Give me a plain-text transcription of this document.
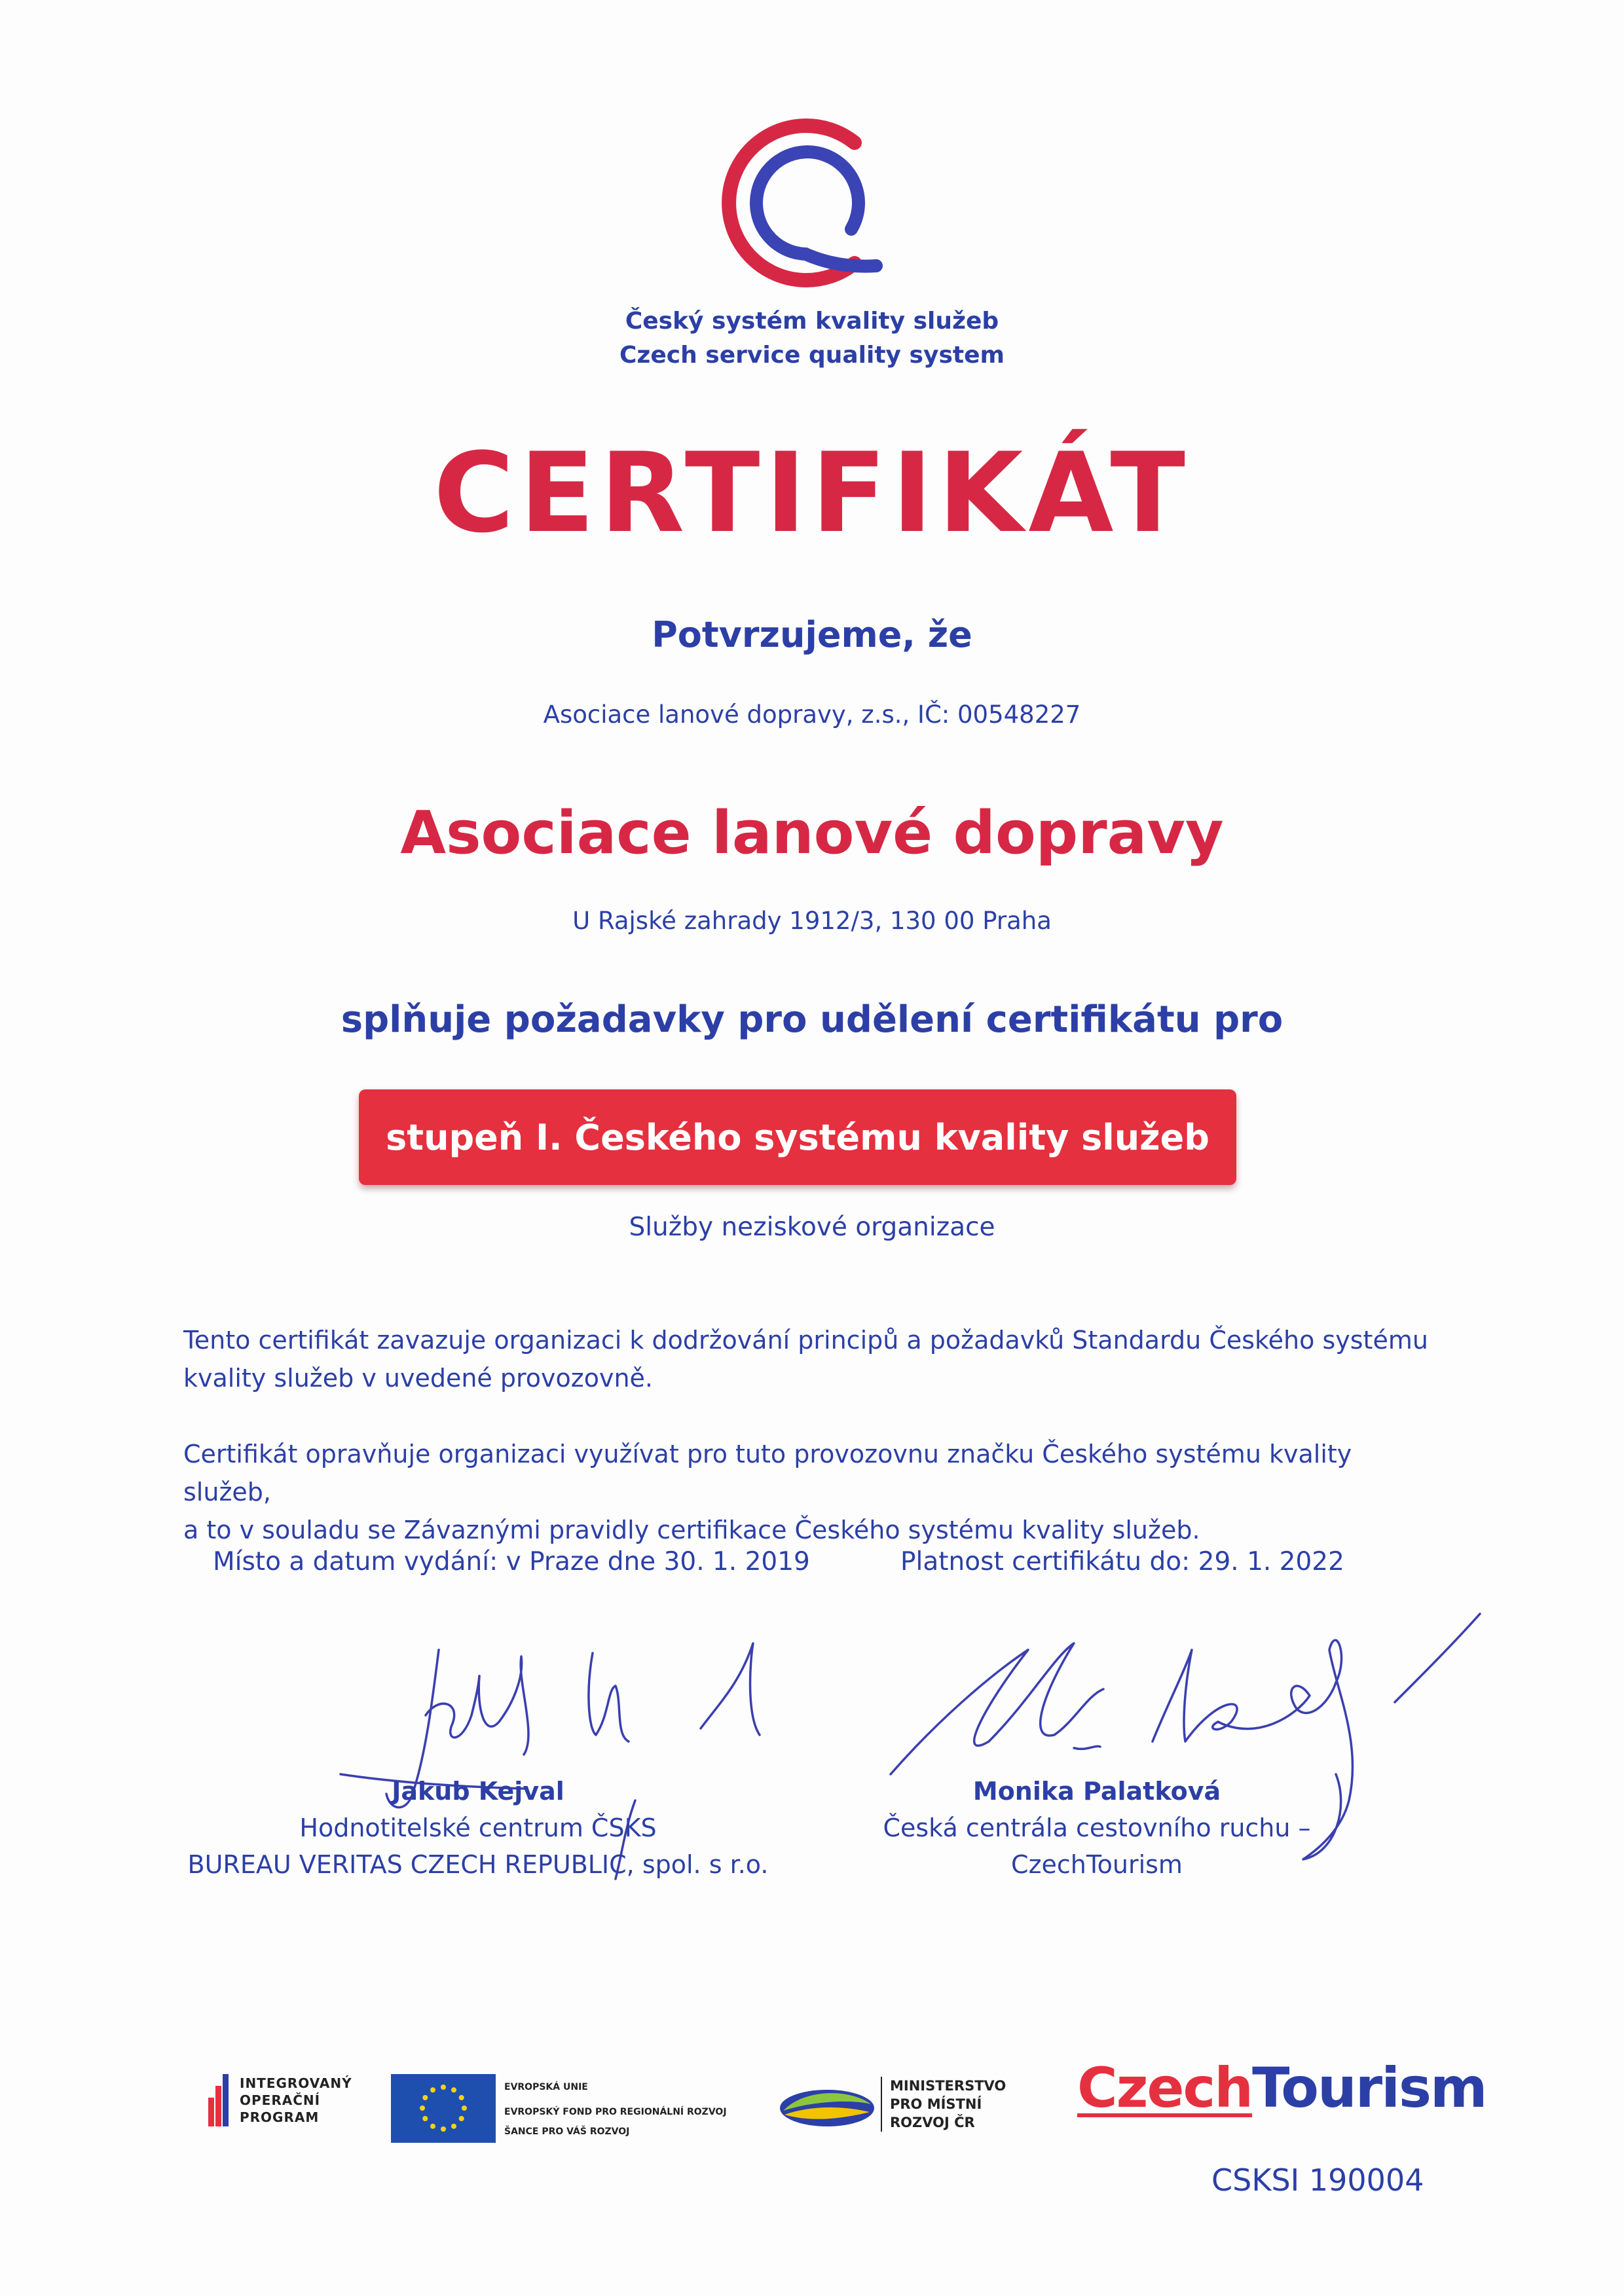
Český systém kvality služeb
Czech service quality system
CERTIFIKÁT
Potvrzujeme, že
Asociace lanové dopravy, z.s., IČ: 00548227
Asociace lanové dopravy
U Rajské zahrady 1912/3, 130 00 Praha
splňuje požadavky pro udělení certifikátu pro
stupeň I. Českého systému kvality služeb
Služby neziskové organizace
Tento certifikát zavazuje organizaci k dodržování principů a požadavků Standardu Českého systému
kvality služeb v uvedené provozovně.
Certifikát opravňuje organizaci využívat pro tuto provozovnu značku Českého systému kvality služeb,
a to v souladu se Závaznými pravidly certifikace Českého systému kvality služeb.
Místo a datum vydání: v Praze dne 30. 1. 2019	Platnost certifikátu do: 29. 1. 2022
Jakub Kejval
Hodnotitelské centrum ČSKS
BUREAU VERITAS CZECH REPUBLIC, spol. s r.o.
Monika Palatková
Česká centrála cestovního ruchu –
CzechTourism
INTEGROVANÝ
OPERAČNÍ
PROGRAM
EVROPSKÁ UNIE
EVROPSKÝ FOND PRO REGIONÁLNÍ ROZVOJ
ŠANCE PRO VÁŠ ROZVOJ
MINISTERSTVO
PRO MÍSTNÍ
ROZVOJ ČR
CzechTourism
CSKSI 190004
